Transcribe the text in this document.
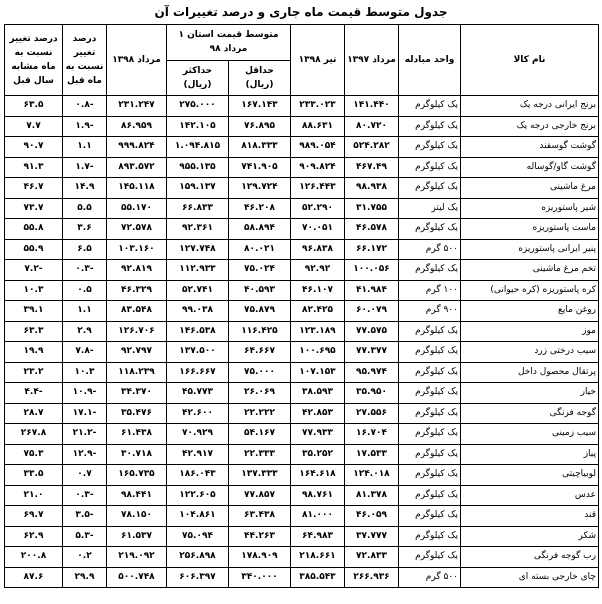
جدول متوسط قیمت ماه جاری و درصد تغییرات آن
نام کالا	واحد مبادله	مرداد ۱۳۹۷	تیر ۱۳۹۸	متوسط قیمت استان ۱ مرداد ۹۸		مرداد ۱۳۹۸	درصد تغییر نسبت به ماه قبل	درصد تغییر نسبت به ماه مشابه سال قبل
				حداقل (ریال)	حداکثر (ریال)			
برنج ایرانی درجه یک	یک کیلوگرم	۱۴۱.۴۴۰	۲۳۳.۰۲۳	۱۶۷.۱۴۳	۲۷۵.۰۰۰	۲۳۱.۲۴۷	-۰.۸	۶۳.۵
برنج خارجی درجه یک	یک کیلوگرم	۸۰.۷۲۰	۸۸.۶۳۱	۷۶.۸۹۵	۱۴۲.۱۰۵	۸۶.۹۵۹	-۱.۹	۷.۷
گوشت گوسفند	یک کیلوگرم	۵۲۴.۲۸۲	۹۸۹.۰۵۴	۸۱۸.۳۳۳	۱.۰۹۴.۸۱۵	۹۹۹.۸۲۴	۱.۱	۹۰.۷
گوشت گاو/گوساله	یک کیلوگرم	۴۶۷.۴۹	۹۰۹.۸۲۴	۷۴۱.۹۰۵	۹۵۵.۱۳۵	۸۹۳.۵۷۲	-۱.۷	۹۱.۳
مرغ ماشینی	یک کیلوگرم	۹۸.۹۳۸	۱۲۶.۴۴۳	۱۲۹.۷۲۴	۱۵۹.۱۳۷	۱۴۵.۱۱۸	۱۴.۹	۴۶.۷
شیر پاستوریزه	یک لیتر	۳۱.۷۵۵	۵۲.۲۹۰	۴۶.۲۰۸	۶۶.۸۳۳	۵۵.۱۷۰	۵.۵	۷۳.۷
ماست پاستوریزه	یک کیلوگرم	۴۶.۵۷۸	۷۰.۰۵۱	۵۸.۸۹۴	۹۲.۳۶۱	۷۲.۵۷۸	۳.۶	۵۵.۸
پنیر ایرانی پاستوریزه	۵۰۰ گرم	۶۶.۱۷۲	۹۶.۸۳۸	۸۰.۰۲۱	۱۲۷.۷۴۸	۱۰۳.۱۶۰	۶.۵	۵۵.۹
تخم مرغ ماشینی	یک کیلوگرم	۱۰۰.۰۵۶	۹۲.۹۲	۷۵.۰۲۴	۱۱۲.۹۳۳	۹۲.۸۱۹	-۰.۳	-۷.۲
کره پاستوریزه (کره حیوانی)	۱۰۰ گرم	۴۱.۹۸۴	۴۶.۱۰۷	۴۰.۵۹۳	۵۲.۷۴۱	۴۶.۳۲۹	۰.۵	۱۰.۳
روغن مایع	۹۰۰ گرم	۶۰.۰۷۹	۸۲.۴۲۵	۷۵.۸۷۹	۹۹.۰۳۸	۸۳.۵۴۸	۱.۱	۳۹.۱
موز	یک کیلوگرم	۷۷.۵۷۵	۱۲۳.۱۸۹	۱۱۶.۴۲۵	۱۴۶.۵۳۸	۱۲۶.۷۰۶	۲.۹	۶۳.۳
سیب درختی زرد	یک کیلوگرم	۷۷.۳۷۷	۱۰۰.۶۹۵	۶۴.۶۶۷	۱۳۷.۵۰۰	۹۲.۷۹۷	-۷.۸	۱۹.۹
پرتقال محصول داخل	یک کیلوگرم	۹۵.۹۷۴	۱۰۷.۱۵۳	۷۵.۰۰۰	۱۶۶.۶۶۷	۱۱۸.۲۳۹	۱۰.۳	۲۳.۲
خیار	یک کیلوگرم	۳۵.۹۵۰	۳۸.۵۹۳	۲۶.۰۶۹	۴۵.۷۷۳	۳۴.۳۷۰	-۱۰.۹	-۴.۴
گوجه فرنگی	یک کیلوگرم	۲۷.۵۵۶	۴۲.۸۵۳	۲۲.۲۲۲	۴۲.۶۰۰	۳۵.۴۷۶	-۱۷.۱	۲۸.۷
سیب زمینی	یک کیلوگرم	۱۶.۷۰۴	۷۷.۹۳۳	۵۴.۱۶۷	۷۰.۹۲۹	۶۱.۴۳۸	-۲۱.۲	۲۶۷.۸
پیاز	یک کیلوگرم	۱۷.۵۳۳	۳۵.۲۵۲	۲۲.۳۳۳	۴۲.۹۱۷	۳۰.۷۱۸	-۱۲.۹	۷۵.۳
لوبیاچیتی	یک کیلوگرم	۱۲۴.۰۱۸	۱۶۴.۶۱۸	۱۳۷.۳۳۳	۱۸۶.۰۴۳	۱۶۵.۷۳۵	۰.۷	۳۳.۵
عدس	یک کیلوگرم	۸۱.۳۷۸	۹۸.۷۶۱	۷۷.۸۵۷	۱۲۲.۶۰۵	۹۸.۴۴۱	-۰.۳	۲۱.۰
قند	یک کیلوگرم	۴۶.۰۵۹	۸۱.۰۰۰	۶۳.۴۳۸	۱۰۴.۸۶۱	۷۸.۱۵۰	-۳.۵	۶۹.۷
شکر	یک کیلوگرم	۳۷.۷۷۷	۶۴.۹۸۳	۴۴.۲۶۳	۷۵.۰۹۴	۶۱.۵۳۷	-۵.۳	۶۲.۹
رب گوجه فرنگی	یک کیلوگرم	۷۲.۸۳۳	۲۱۸.۶۶۱	۱۷۸.۹۰۹	۲۵۶.۸۹۸	۲۱۹.۰۹۲	۰.۲	۲۰۰.۸
چای خارجی بسته ای	۵۰۰ گرم	۲۶۶.۹۳۶	۳۸۵.۵۴۳	۳۴۰.۰۰۰	۶۰۶.۳۹۷	۵۰۰.۷۴۸	۲۹.۹	۸۷.۶
